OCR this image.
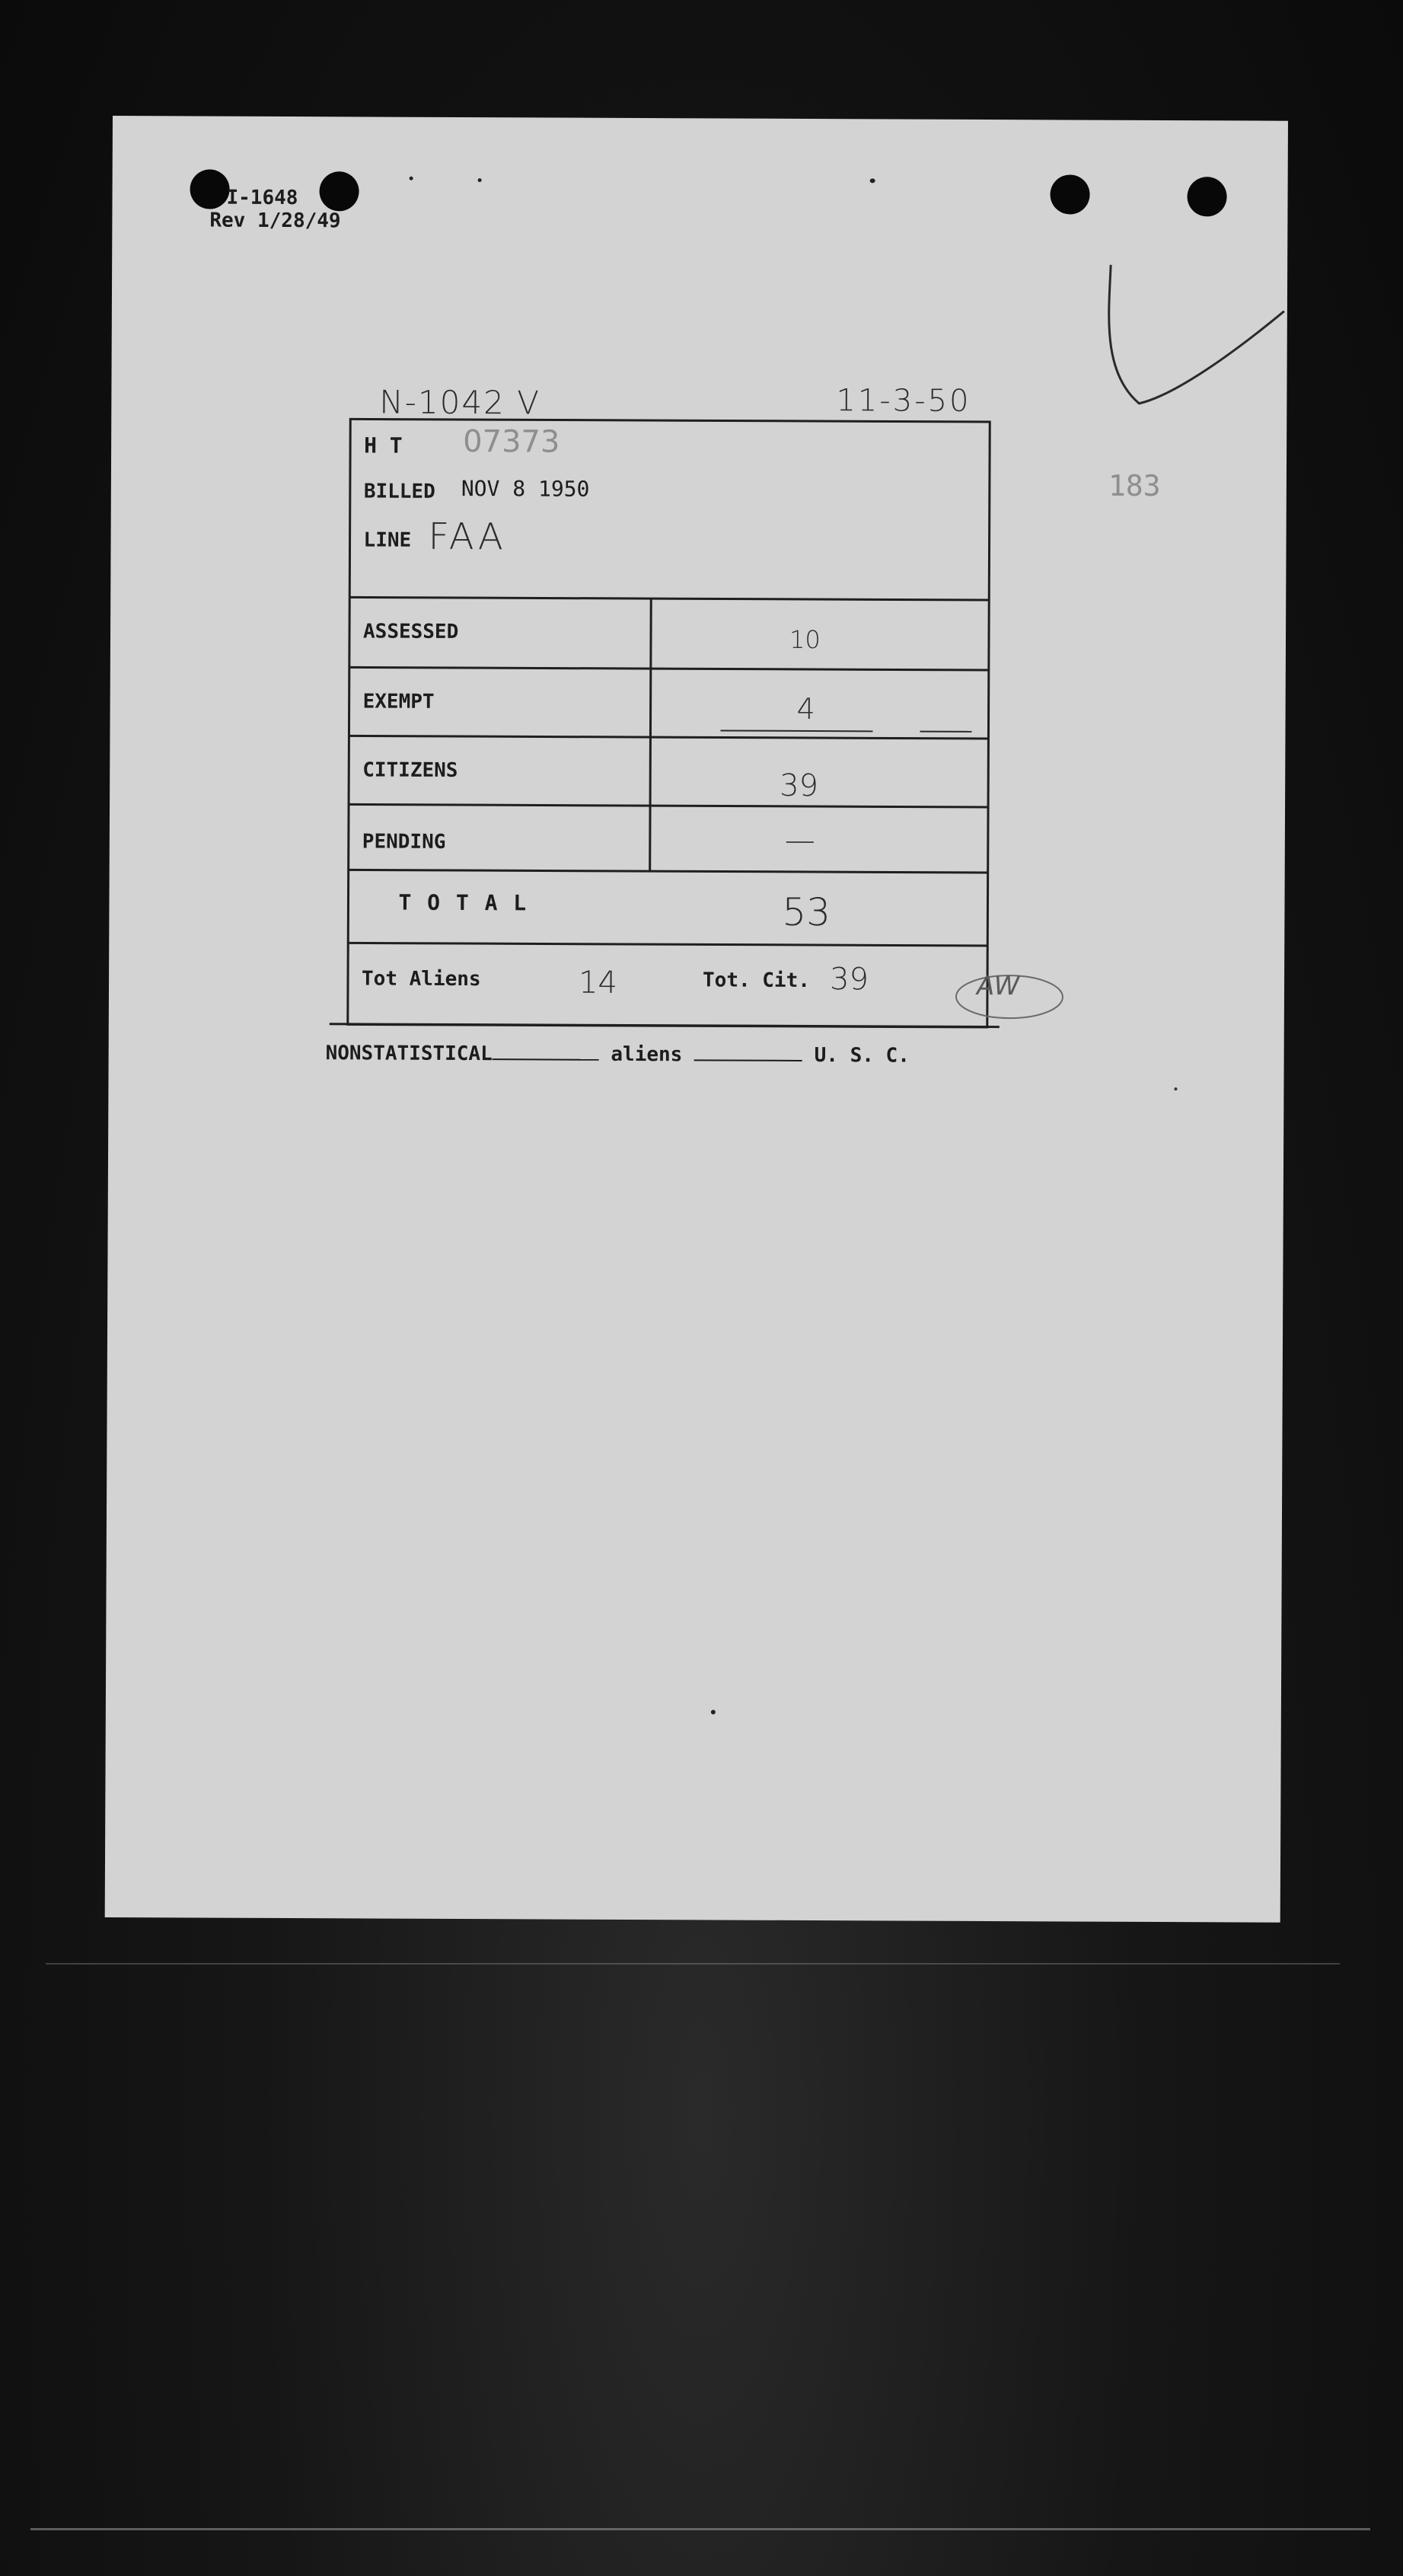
I-1648
Rev 1/28/49
183
N-1042 V	11-3-50
H T 07373
BILLED NOV 8 1950
LINE FAA
ASSESSED	10
EXEMPT	4
CITIZENS	39
PENDING	—
T O T A L	53
Tot Aliens	14	Tot. Cit. 39	AW
NONSTATISTICAL	aliens	U. S. C.
